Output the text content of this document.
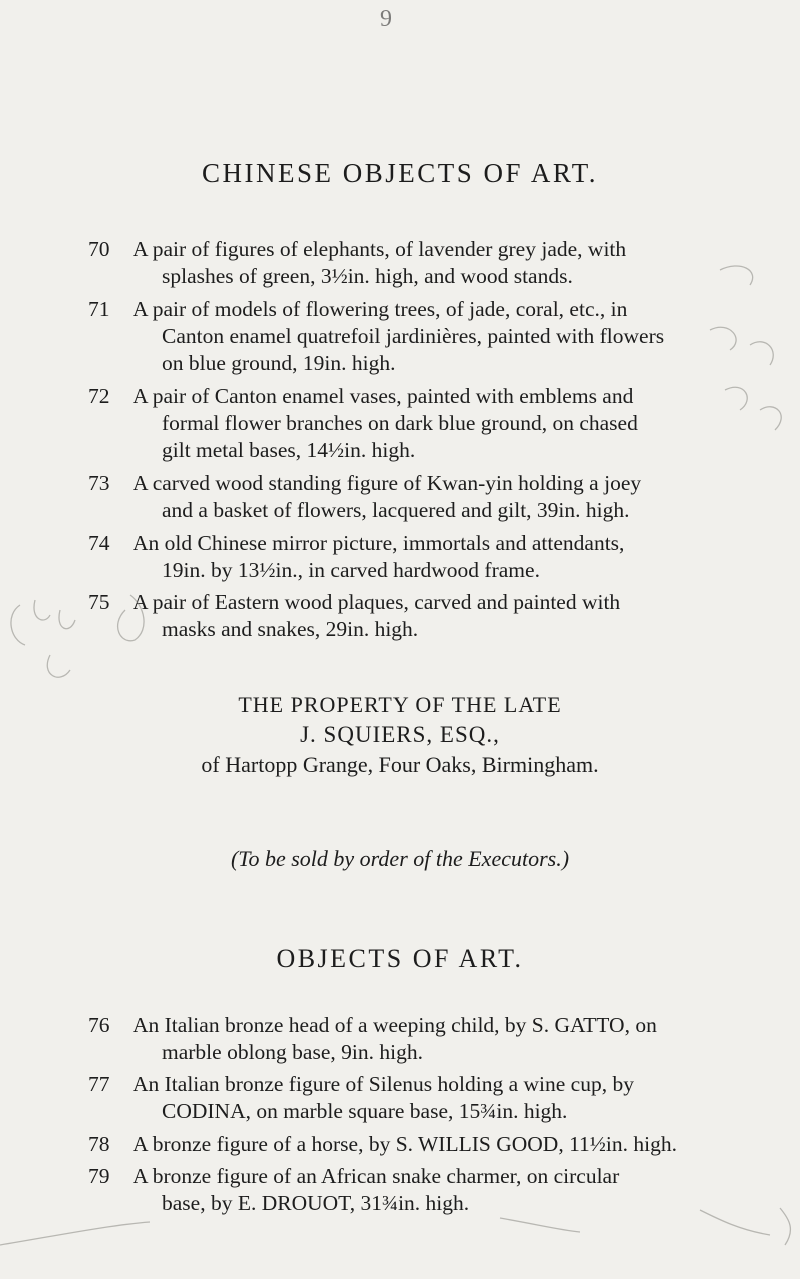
9
CHINESE OBJECTS OF ART.
70 A pair of figures of elephants, of lavender grey jade, with
splashes of green, 3½in. high, and wood stands.
71 A pair of models of flowering trees, of jade, coral, etc., in
Canton enamel quatrefoil jardinières, painted with flowers
on blue ground, 19in. high.
72 A pair of Canton enamel vases, painted with emblems and
formal flower branches on dark blue ground, on chased
gilt metal bases, 14½in. high.
73 A carved wood standing figure of Kwan-yin holding a joey
and a basket of flowers, lacquered and gilt, 39in. high.
74 An old Chinese mirror picture, immortals and attendants,
19in. by 13½in., in carved hardwood frame.
75 A pair of Eastern wood plaques, carved and painted with
masks and snakes, 29in. high.
THE PROPERTY OF THE LATE
J. SQUIERS, ESQ.,
of Hartopp Grange, Four Oaks, Birmingham.
(To be sold by order of the Executors.)
OBJECTS OF ART.
76 An Italian bronze head of a weeping child, by S. GATTO, on
marble oblong base, 9in. high.
77 An Italian bronze figure of Silenus holding a wine cup, by
CODINA, on marble square base, 15¾in. high.
78 A bronze figure of a horse, by S. WILLIS GOOD, 11½in. high.
79 A bronze figure of an African snake charmer, on circular
base, by E. DROUOT, 31¾in. high.
